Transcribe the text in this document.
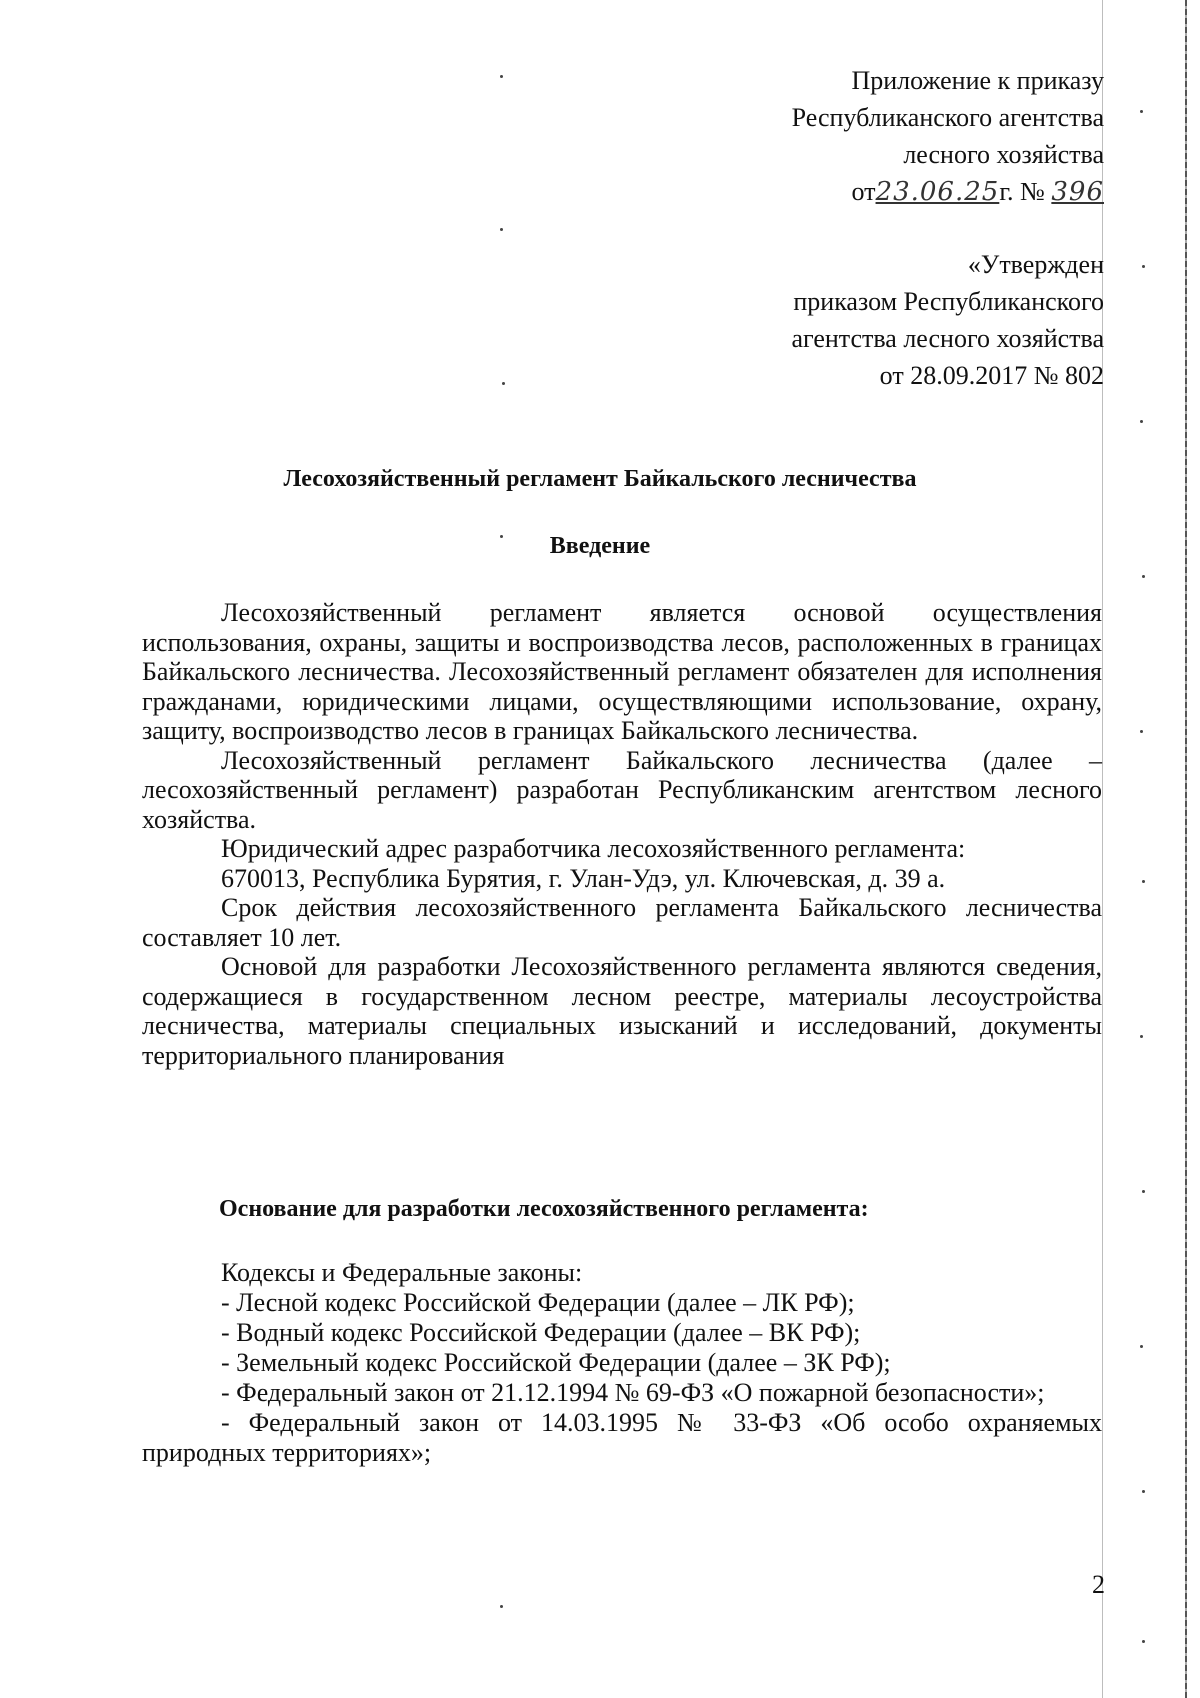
Приложение к приказу
Республиканского агентства
лесного хозяйства
от23.06.25г. № 396
«Утвержден
приказом Республиканского
агентства лесного хозяйства
от 28.09.2017 № 802
Лесохозяйственный регламент Байкальского лесничества
Введение

Лесохозяйственный регламент является основой осуществления использования, охраны, защиты и воспроизводства лесов, расположенных в границах Байкальского лесничества. Лесохозяйственный регламент обязателен для исполнения гражданами, юридическими лицами, осуществляющими использование, охрану, защиту, воспроизводство лесов в границах Байкальского лесничества.

Лесохозяйственный регламент Байкальского лесничества (далее – лесохозяйственный регламент) разработан Республиканским агентством лесного хозяйства.

Юридический адрес разработчика лесохозяйственного регламента:

670013, Республика Бурятия, г. Улан-Удэ, ул. Ключевская, д. 39 а.

Срок действия лесохозяйственного регламента Байкальского лесничества составляет 10 лет.

Основой для разработки Лесохозяйственного регламента являются сведения, содержащиеся в государственном лесном реестре, материалы лесоустройства лесничества, материалы специальных изысканий и исследований, документы территориального планирования

Основание для разработки лесохозяйственного регламента:

Кодексы и Федеральные законы:

- Лесной кодекс Российской Федерации (далее – ЛК РФ);

- Водный кодекс Российской Федерации (далее – ВК РФ);

- Земельный кодекс Российской Федерации (далее – ЗК РФ);

- Федеральный закон от 21.12.1994 № 69-ФЗ «О пожарной безопасности»;

- Федеральный закон от 14.03.1995 № 33-ФЗ «Об особо охраняемых природных территориях»;

2
